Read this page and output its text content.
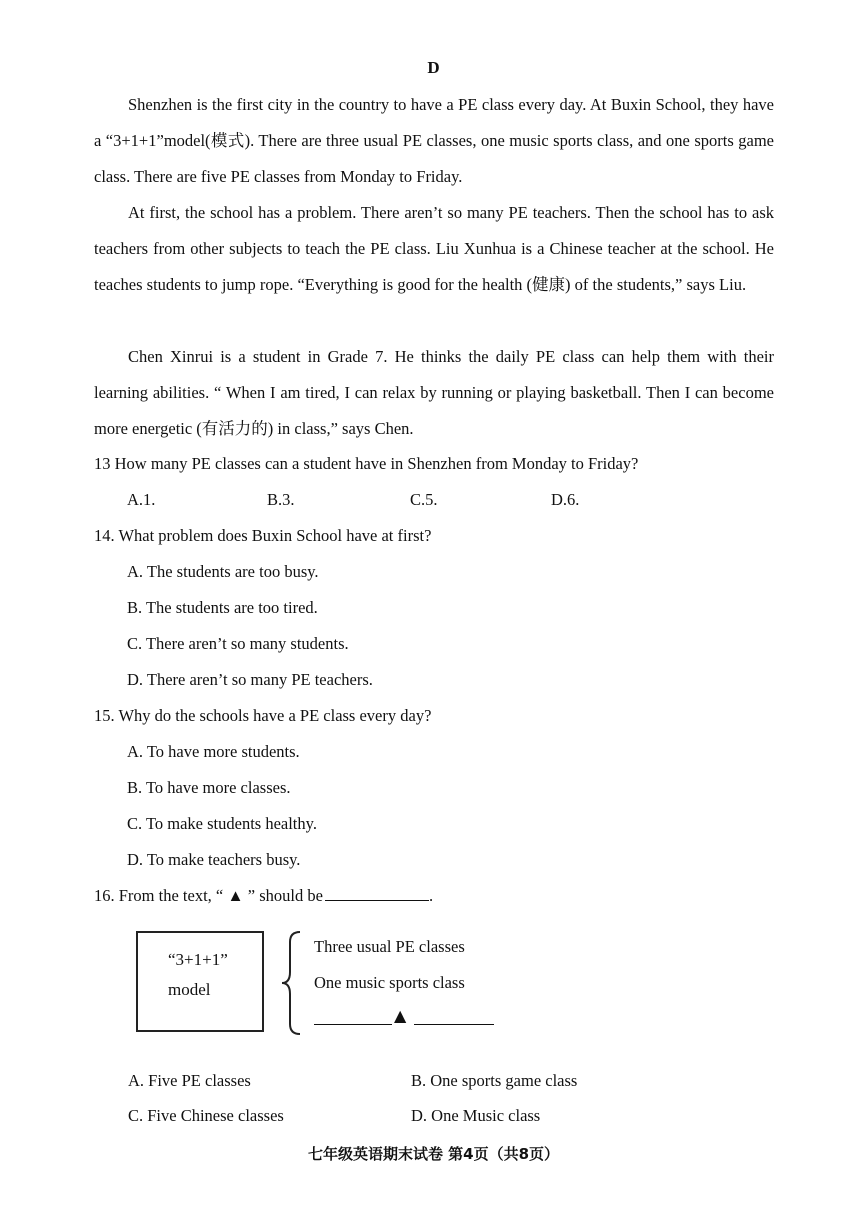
D

Shenzhen is the first city in the country to have a PE class every day. At Buxin School, they have a “3+1+1”model(模式). There are three usual PE classes, one music sports class, and one sports game class. There are five PE classes from Monday to Friday.

At first, the school has a problem. There aren’t so many PE teachers. Then the school has to ask teachers from other subjects to teach the PE class. Liu Xunhua is a Chinese teacher at the school. He teaches students to jump rope. “Everything is good for the health (健康) of the students,” says Liu.

Chen Xinrui is a student in Grade 7. He thinks the daily PE class can help them with their learning abilities. “ When I am tired, I can relax by running or playing basketball. Then I can become more energetic (有活力的) in class,” says Chen.

13 How many PE classes can a student have in Shenzhen from Monday to Friday?
A.1.	B.3.	C.5.	D.6.
14. What problem does Buxin School have at first?
A. The students are too busy.
B. The students are too tired.
C. There aren’t so many students.
D. There aren’t so many PE teachers.
15. Why do the schools have a PE class every day?
A. To have more students.
B. To have more classes.
C. To make students healthy.
D. To make teachers busy.
16. From the text, “ ▲ ” should be	.
“3+1+1”
model
Three usual PE classes
One music sports class
▲
A. Five PE classes	B. One sports game class
C. Five Chinese classes	D. One Music class
七年级英语期末试卷 第4页（共8页）
